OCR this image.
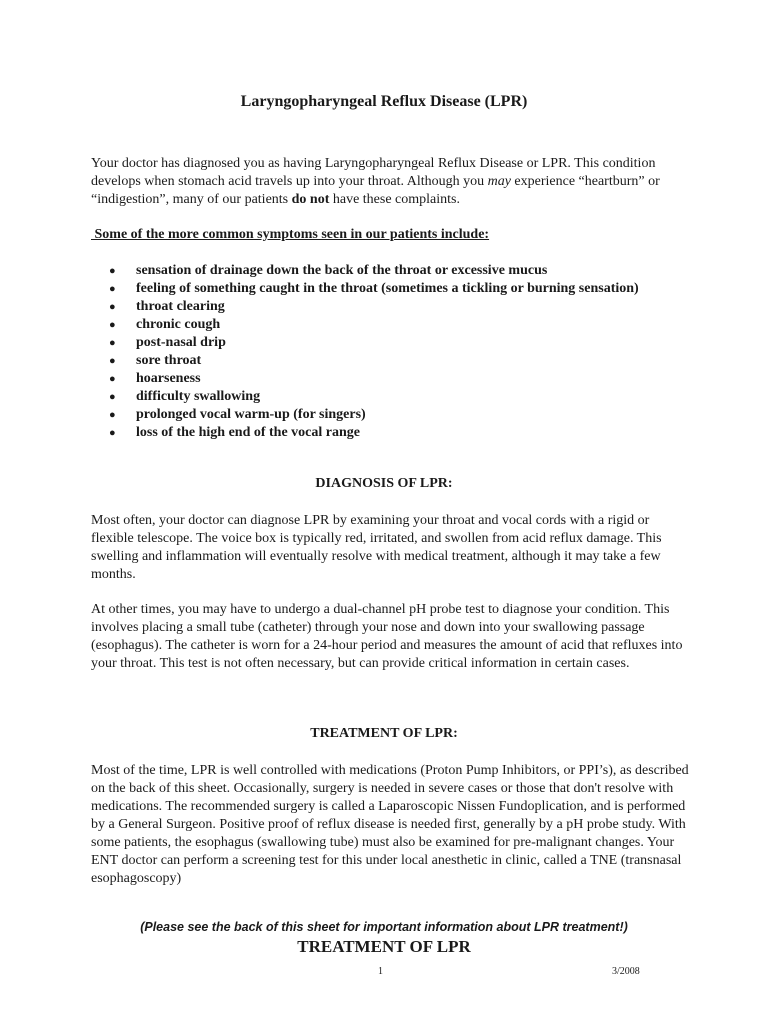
Laryngopharyngeal Reflux Disease (LPR)

Your doctor has diagnosed you as having Laryngopharyngeal Reflux Disease or LPR. This condition develops when stomach acid travels up into your throat. Although you may experience “heartburn” or “indigestion”, many of our patients do not have these complaints.

Some of the more common symptoms seen in our patients include:

● sensation of drainage down the back of the throat or excessive mucus
● feeling of something caught in the throat (sometimes a tickling or burning sensation)
● throat clearing
● chronic cough
● post-nasal drip
● sore throat
● hoarseness
● difficulty swallowing
● prolonged vocal warm-up (for singers)
● loss of the high end of the vocal range
DIAGNOSIS OF LPR:

Most often, your doctor can diagnose LPR by examining your throat and vocal cords with a rigid or flexible telescope. The voice box is typically red, irritated, and swollen from acid reflux damage. This swelling and inflammation will eventually resolve with medical treatment, although it may take a few months.

At other times, you may have to undergo a dual-channel pH probe test to diagnose your condition. This involves placing a small tube (catheter) through your nose and down into your swallowing passage (esophagus). The catheter is worn for a 24-hour period and measures the amount of acid that refluxes into your throat. This test is not often necessary, but can provide critical information in certain cases.

TREATMENT OF LPR:

Most of the time, LPR is well controlled with medications (Proton Pump Inhibitors, or PPI’s), as described on the back of this sheet. Occasionally, surgery is needed in severe cases or those that don't resolve with medications. The recommended surgery is called a Laparoscopic Nissen Fundoplication, and is performed by a General Surgeon. Positive proof of reflux disease is needed first, generally by a pH probe study. With some patients, the esophagus (swallowing tube) must also be examined for pre-malignant changes. Your ENT doctor can perform a screening test for this under local anesthetic in clinic, called a TNE (transnasal esophagoscopy)

(Please see the back of this sheet for important information about LPR treatment!)

TREATMENT OF LPR
1	3/2008
